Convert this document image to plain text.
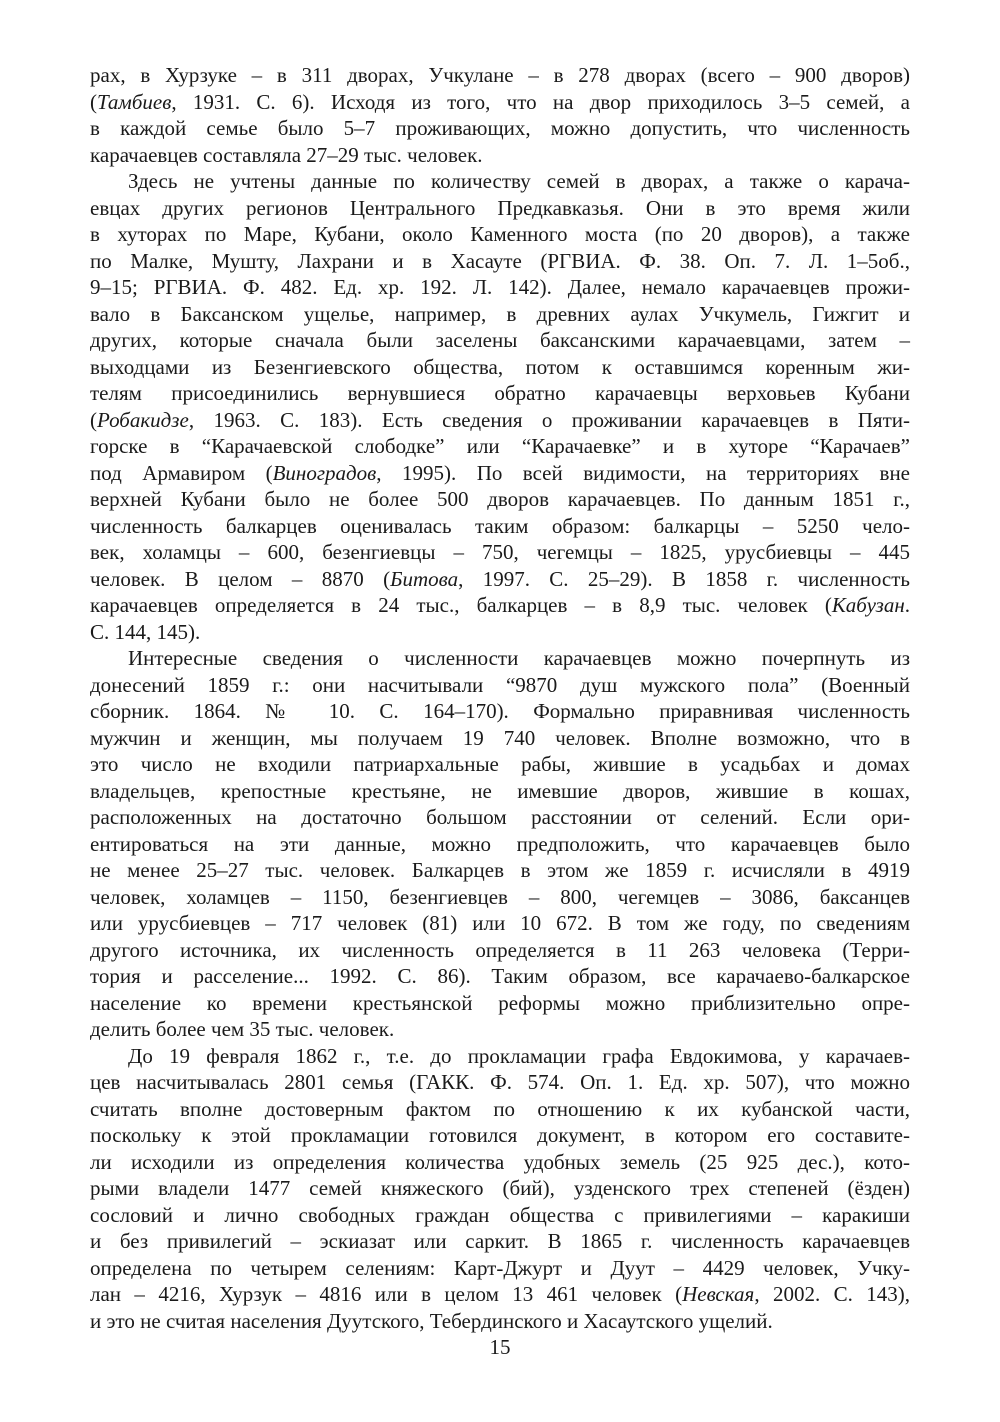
рах, в Хурзуке – в 311 дворах, Учкулане – в 278 дворах (всего – 900 дворов)
(Тамбиев, 1931. С. 6). Исходя из того, что на двор приходилось 3–5 семей, а
в каждой семье было 5–7 проживающих, можно допустить, что численность
карачаевцев составляла 27–29 тыс. человек.
Здесь не учтены данные по количеству семей в дворах, а также о карача-
евцах других регионов Центрального Предкавказья. Они в это время жили
в хуторах по Маре, Кубани, около Каменного моста (по 20 дворов), а также
по Малке, Мушту, Лахрани и в Хасауте (РГВИА. Ф. 38. Оп. 7. Л. 1–5об.,
9–15; РГВИА. Ф. 482. Ед. хр. 192. Л. 142). Далее, немало карачаевцев прожи-
вало в Баксанском ущелье, например, в древних аулах Учкумель, Гижгит и
других, которые сначала были заселены баксанскими карачаевцами, затем –
выходцами из Безенгиевского общества, потом к оставшимся коренным жи-
телям присоединились вернувшиеся обратно карачаевцы верховьев Кубани
(Робакидзе, 1963. С. 183). Есть сведения о проживании карачаевцев в Пяти-
горске в “Карачаевской слободке” или “Карачаевке” и в хуторе “Карачаев”
под Армавиром (Виноградов, 1995). По всей видимости, на территориях вне
верхней Кубани было не более 500 дворов карачаевцев. По данным 1851 г.,
численность балкарцев оценивалась таким образом: балкарцы – 5250 чело-
век, холамцы – 600, безенгиевцы – 750, чегемцы – 1825, урусбиевцы – 445
человек. В целом – 8870 (Битова, 1997. С. 25–29). В 1858 г. численность
карачаевцев определяется в 24 тыс., балкарцев – в 8,9 тыс. человек (Кабузан.
С. 144, 145).
Интересные сведения о численности карачаевцев можно почерпнуть из
донесений 1859 г.: они насчитывали “9870 душ мужского пола” (Военный
сборник. 1864. № 10. С. 164–170). Формально приравнивая численность
мужчин и женщин, мы получаем 19 740 человек. Вполне возможно, что в
это число не входили патриархальные рабы, жившие в усадьбах и домах
владельцев, крепостные крестьяне, не имевшие дворов, жившие в кошах,
расположенных на достаточно большом расстоянии от селений. Если ори-
ентироваться на эти данные, можно предположить, что карачаевцев было
не менее 25–27 тыс. человек. Балкарцев в этом же 1859 г. исчисляли в 4919
человек, холамцев – 1150, безенгиевцев – 800, чегемцев – 3086, баксанцев
или урусбиевцев – 717 человек (81) или 10 672. В том же году, по сведениям
другого источника, их численность определяется в 11 263 человека (Терри-
тория и расселение... 1992. С. 86). Таким образом, все карачаево-балкарское
население ко времени крестьянской реформы можно приблизительно опре-
делить более чем 35 тыс. человек.
До 19 февраля 1862 г., т.е. до прокламации графа Евдокимова, у карачаев-
цев насчитывалась 2801 семья (ГАКК. Ф. 574. Оп. 1. Ед. хр. 507), что можно
считать вполне достоверным фактом по отношению к их кубанской части,
поскольку к этой прокламации готовился документ, в котором его составите-
ли исходили из определения количества удобных земель (25 925 дес.), кото-
рыми владели 1477 семей княжеского (бий), узденского трех степеней (ёзден)
сословий и лично свободных граждан общества с привилегиями – каракиши
и без привилегий – эскиазат или саркит. В 1865 г. численность карачаевцев
определена по четырем селениям: Карт-Джурт и Дуут – 4429 человек, Учку-
лан – 4216, Хурзук – 4816 или в целом 13 461 человек (Невская, 2002. С. 143),
и это не считая населения Дуутского, Тебердинского и Хасаутского ущелий.
15
